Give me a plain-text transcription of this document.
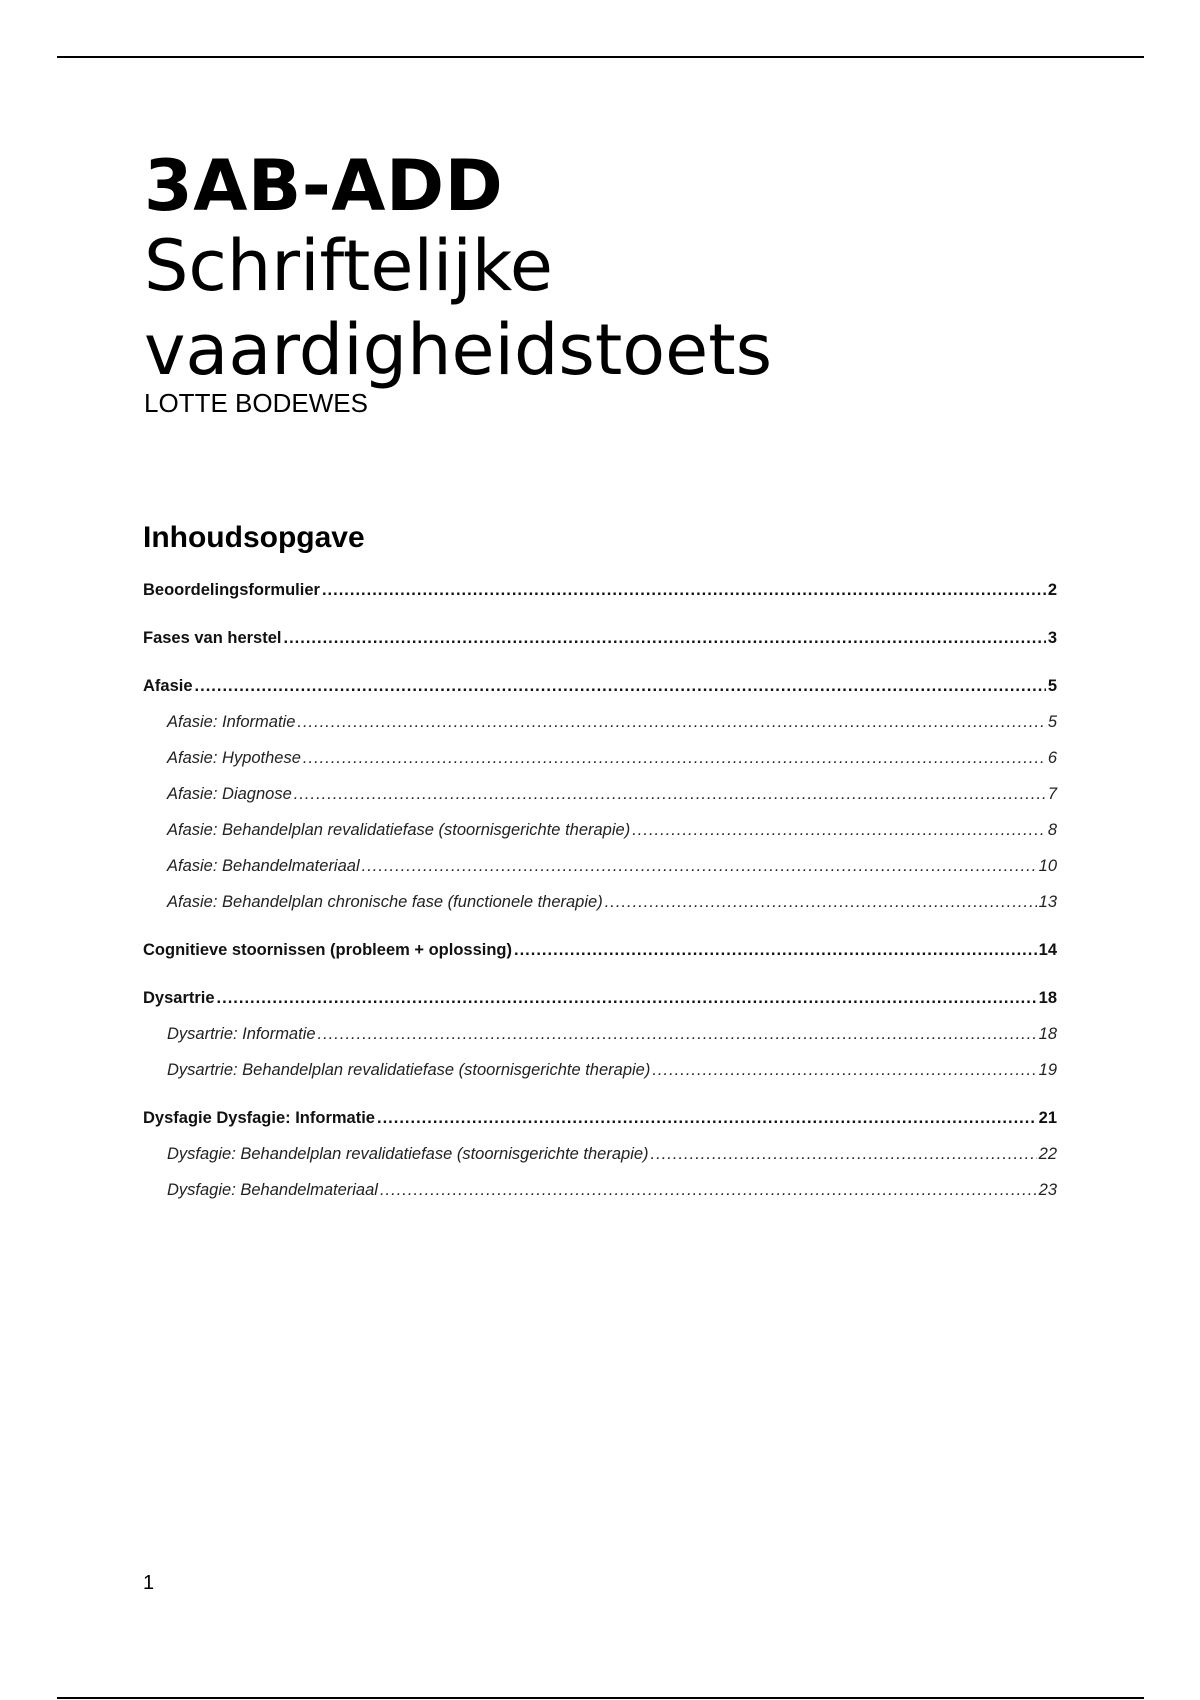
3AB-ADD
Schriftelijke
vaardigheidstoets
LOTTE BODEWES
Inhoudsopgave
Beoordelingsformulier .....	2
Fases van herstel .....	3
Afasie .....	5
Afasie: Informatie .....	5
Afasie: Hypothese .....	6
Afasie: Diagnose .....	7
Afasie: Behandelplan revalidatiefase (stoornisgerichte therapie) .....	8
Afasie: Behandelmateriaal .....	10
Afasie: Behandelplan chronische fase (functionele therapie) .....	13
Cognitieve stoornissen (probleem + oplossing) .....	14
Dysartrie .....	18
Dysartrie: Informatie .....	18
Dysartrie: Behandelplan revalidatiefase (stoornisgerichte therapie) .....	19
Dysfagie Dysfagie: Informatie .....	21
Dysfagie: Behandelplan revalidatiefase (stoornisgerichte therapie) .....	22
Dysfagie: Behandelmateriaal .....	23
1
